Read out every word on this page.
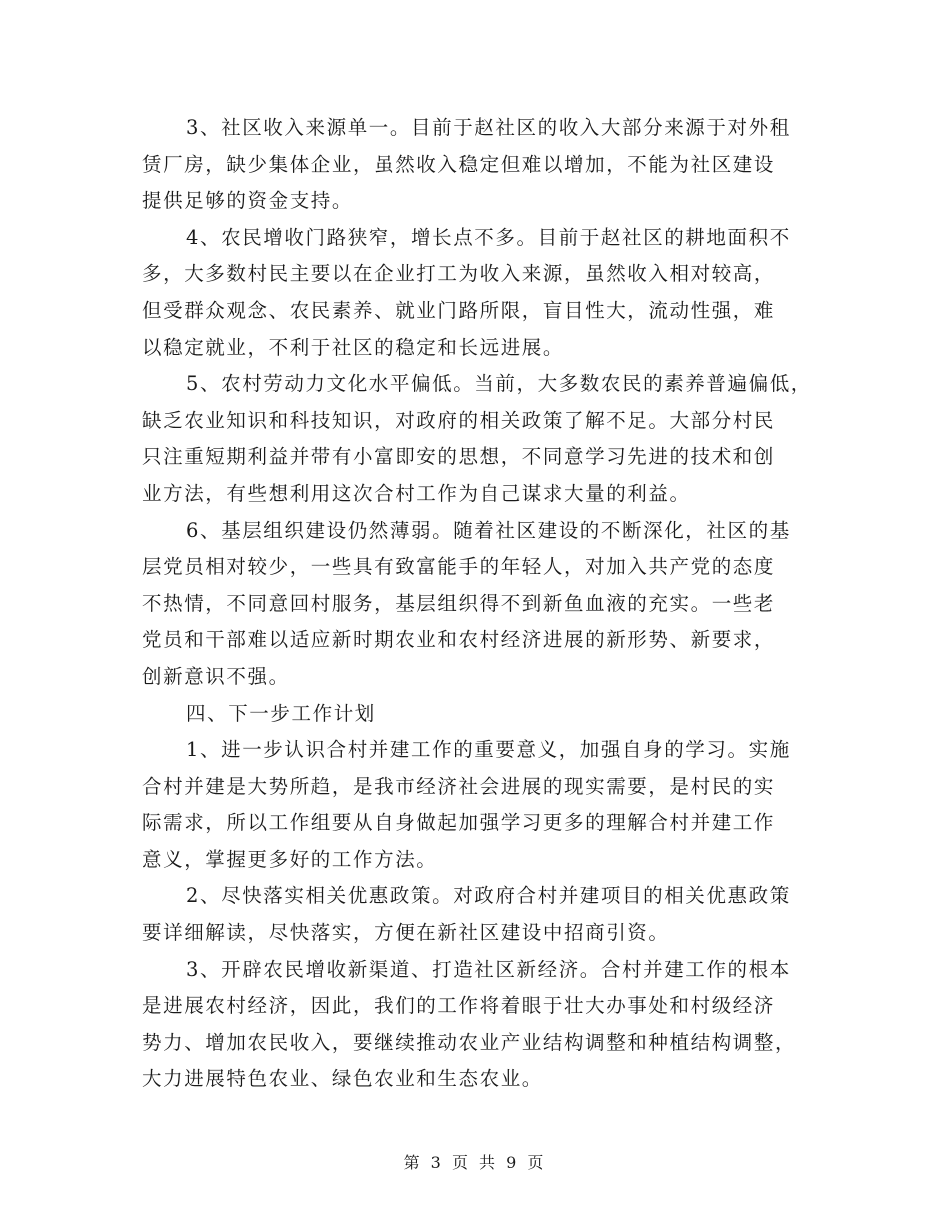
3、社区收入来源单一。目前于赵社区的收入大部分来源于对外租
赁厂房，缺少集体企业，虽然收入稳定但难以增加，不能为社区建设
提供足够的资金支持。
4、农民增收门路狭窄，增长点不多。目前于赵社区的耕地面积不
多，大多数村民主要以在企业打工为收入来源，虽然收入相对较高，
但受群众观念、农民素养、就业门路所限，盲目性大，流动性强，难
以稳定就业，不利于社区的稳定和长远进展。
5、农村劳动力文化水平偏低。当前，大多数农民的素养普遍偏低，
缺乏农业知识和科技知识，对政府的相关政策了解不足。大部分村民
只注重短期利益并带有小富即安的思想，不同意学习先进的技术和创
业方法，有些想利用这次合村工作为自己谋求大量的利益。
6、基层组织建设仍然薄弱。随着社区建设的不断深化，社区的基
层党员相对较少，一些具有致富能手的年轻人，对加入共产党的态度
不热情，不同意回村服务，基层组织得不到新鱼血液的充实。一些老
党员和干部难以适应新时期农业和农村经济进展的新形势、新要求，
创新意识不强。
四、下一步工作计划
1、进一步认识合村并建工作的重要意义，加强自身的学习。实施
合村并建是大势所趋，是我市经济社会进展的现实需要，是村民的实
际需求，所以工作组要从自身做起加强学习更多的理解合村并建工作
意义，掌握更多好的工作方法。
2、尽快落实相关优惠政策。对政府合村并建项目的相关优惠政策
要详细解读，尽快落实，方便在新社区建设中招商引资。
3、开辟农民增收新渠道、打造社区新经济。合村并建工作的根本
是进展农村经济，因此，我们的工作将着眼于壮大办事处和村级经济
势力、增加农民收入，要继续推动农业产业结构调整和种植结构调整，
大力进展特色农业、绿色农业和生态农业。
第 3 页 共 9 页
